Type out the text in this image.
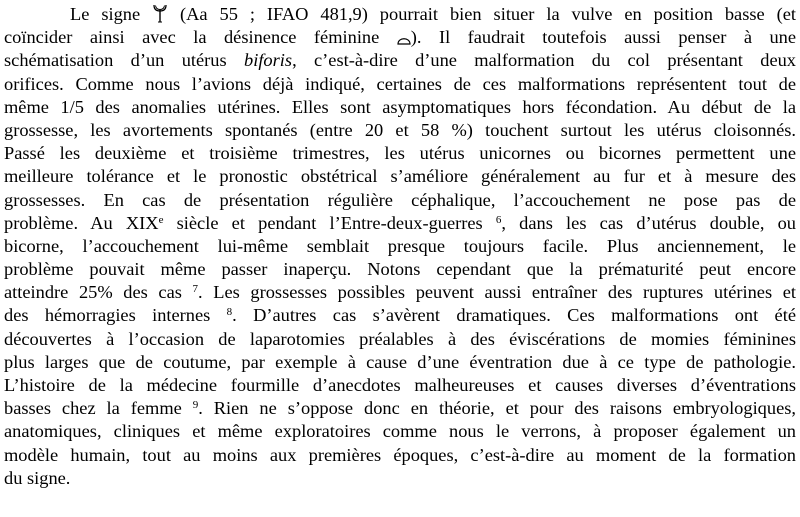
Le signe  (Aa 55 ; IFAO 481,9) pourrait bien situer la vulve en position basse (et
coïncider ainsi avec la désinence féminine ). Il faudrait toutefois aussi penser à une
schématisation d’un utérus biforis, c’est-à-dire d’une malformation du col présentant deux
orifices. Comme nous l’avions déjà indiqué, certaines de ces malformations représentent tout de
même 1/5 des anomalies utérines. Elles sont asymptomatiques hors fécondation. Au début de la
grossesse, les avortements spontanés (entre 20 et 58 %) touchent surtout les utérus cloisonnés.
Passé les deuxième et troisième trimestres, les utérus unicornes ou bicornes permettent une
meilleure tolérance et le pronostic obstétrical s’améliore généralement au fur et à mesure des
grossesses. En cas de présentation régulière céphalique, l’accouchement ne pose pas de
problème. Au XIXe siècle et pendant l’Entre-deux-guerres $^6$, dans les cas d’utérus double, ou
bicorne, l’accouchement lui-même semblait presque toujours facile. Plus anciennement, le
problème pouvait même passer inaperçu. Notons cependant que la prématurité peut encore
atteindre 25% des cas $^7$. Les grossesses possibles peuvent aussi entraîner des ruptures utérines et
des hémorragies internes $^8$. D’autres cas s’avèrent dramatiques. Ces malformations ont été
découvertes à l’occasion de laparotomies préalables à des éviscérations de momies féminines
plus larges que de coutume, par exemple à cause d’une éventration due à ce type de pathologie.
L’histoire de la médecine fourmille d’anecdotes malheureuses et causes diverses d’éventrations
basses chez la femme $^9$. Rien ne s’oppose donc en théorie, et pour des raisons embryologiques,
anatomiques, cliniques et même exploratoires comme nous le verrons, à proposer également un
modèle humain, tout au moins aux premières époques, c’est-à-dire au moment de la formation
du signe.
